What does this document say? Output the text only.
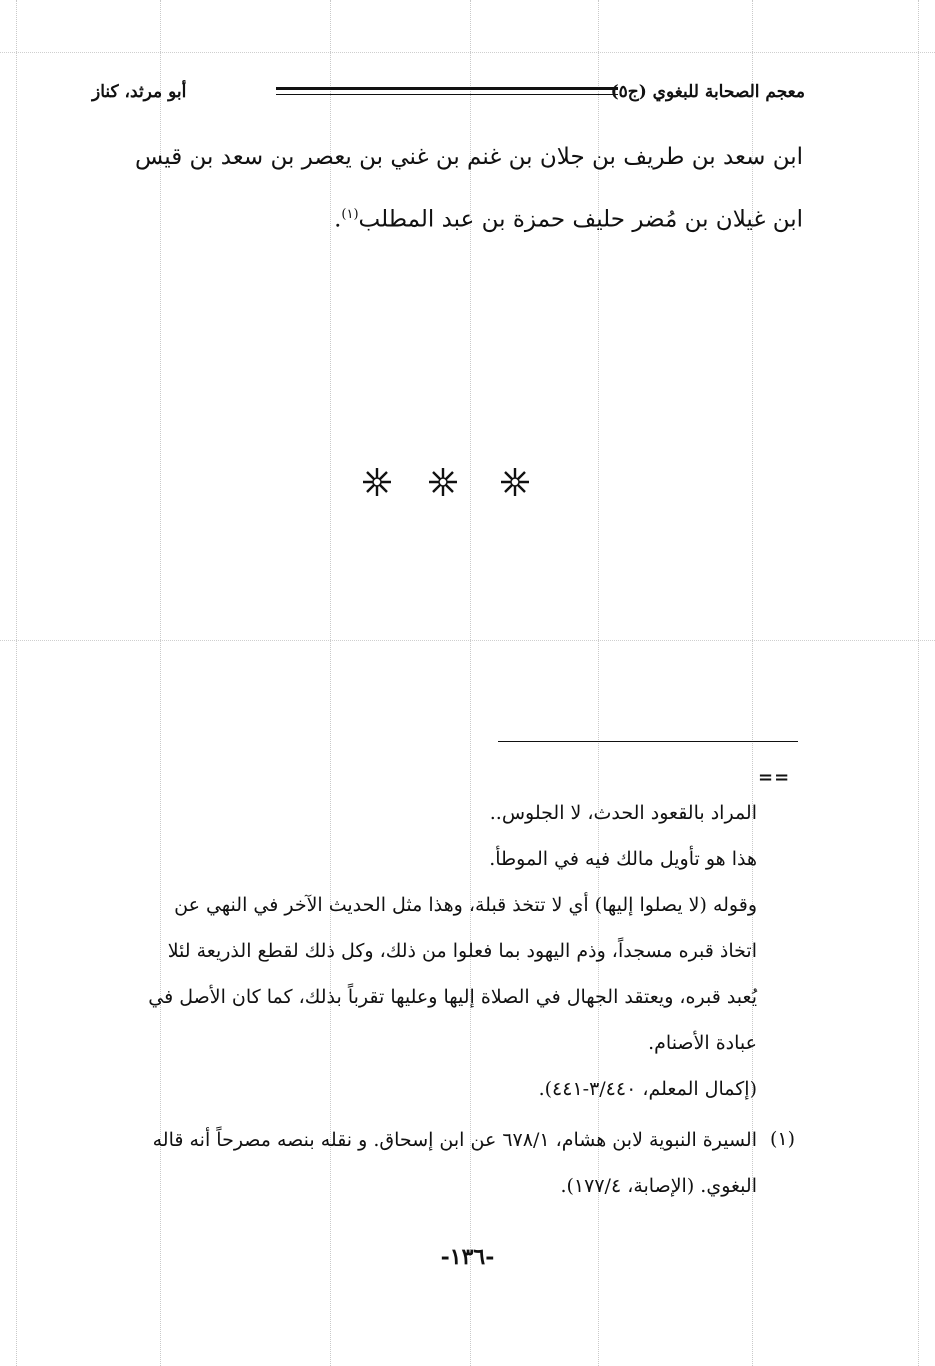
معجم الصحابة للبغوي (ج٥)
أبو مرثد، كناز
ابن سعد بن طريف بن جلان بن غنم بن غني بن يعصر بن سعد بن قيس
ابن غيلان بن مُضر حليف حمزة بن عبد المطلب$^{(١)}$.
==
المراد بالقعود الحدث، لا الجلوس..
هذا هو تأويل مالك فيه في الموطأ.
وقوله (لا يصلوا إليها) أي لا تتخذ قبلة، وهذا مثل الحديث الآخر في النهي عن
اتخاذ قبره مسجداً، وذم اليهود بما فعلوا من ذلك، وكل ذلك لقطع الذريعة لئلا
يُعبد قبره، ويعتقد الجهال في الصلاة إليها وعليها تقرباً بذلك، كما كان الأصل في
عبادة الأصنام.
(إكمال المعلم، ٣/٤٤٠-٤٤١).
(١)
السيرة النبوية لابن هشام، ٦٧٨/١ عن ابن إسحاق. و نقله بنصه مصرحاً أنه قاله
البغوي. (الإصابة، ١٧٧/٤).
-١٣٦-
